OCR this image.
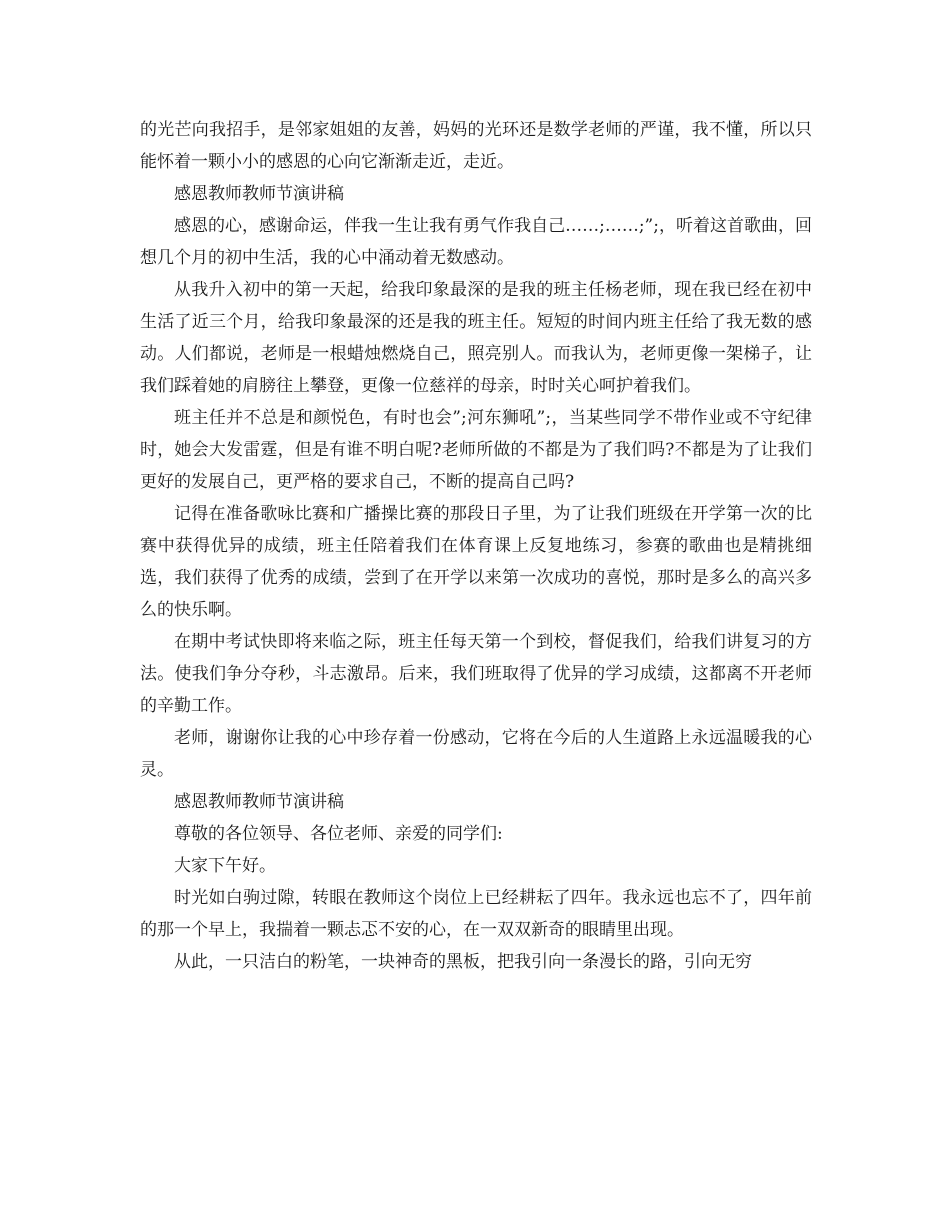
的光芒向我招手，是邻家姐姐的友善，妈妈的光环还是数学老师的严谨，我不懂，所以只能怀着一颗小小的感恩的心向它渐渐走近，走近。

感恩教师教师节演讲稿

感恩的心，感谢命运，伴我一生让我有勇气作我自己……;……;”;，听着这首歌曲，回想几个月的初中生活，我的心中涌动着无数感动。

从我升入初中的第一天起，给我印象最深的是我的班主任杨老师，现在我已经在初中生活了近三个月，给我印象最深的还是我的班主任。短短的时间内班主任给了我无数的感动。人们都说，老师是一根蜡烛燃烧自己，照亮别人。而我认为，老师更像一架梯子，让我们踩着她的肩膀往上攀登，更像一位慈祥的母亲，时时关心呵护着我们。

班主任并不总是和颜悦色，有时也会”;河东狮吼”;，当某些同学不带作业或不守纪律时，她会大发雷霆，但是有谁不明白呢?老师所做的不都是为了我们吗?不都是为了让我们更好的发展自己，更严格的要求自己，不断的提高自己吗?

记得在准备歌咏比赛和广播操比赛的那段日子里，为了让我们班级在开学第一次的比赛中获得优异的成绩，班主任陪着我们在体育课上反复地练习，参赛的歌曲也是精挑细选，我们获得了优秀的成绩，尝到了在开学以来第一次成功的喜悦，那时是多么的高兴多么的快乐啊。

在期中考试快即将来临之际，班主任每天第一个到校，督促我们，给我们讲复习的方法。使我们争分夺秒，斗志激昂。后来，我们班取得了优异的学习成绩，这都离不开老师的辛勤工作。

老师，谢谢你让我的心中珍存着一份感动，它将在今后的人生道路上永远温暖我的心灵。

感恩教师教师节演讲稿

尊敬的各位领导、各位老师、亲爱的同学们:

大家下午好。

时光如白驹过隙，转眼在教师这个岗位上已经耕耘了四年。我永远也忘不了，四年前的那一个早上，我揣着一颗忐忑不安的心，在一双双新奇的眼睛里出现。

从此，一只洁白的粉笔，一块神奇的黑板，把我引向一条漫长的路，引向无穷
